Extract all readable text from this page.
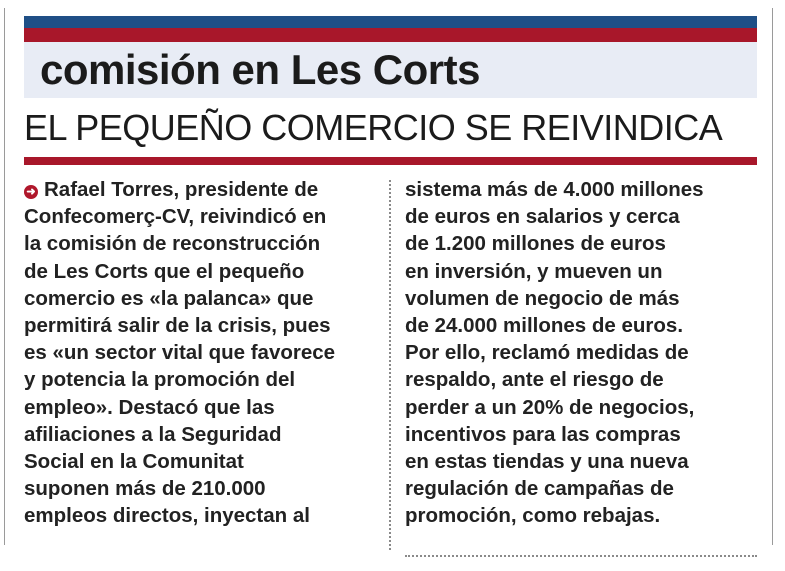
comisión en Les Corts
EL PEQUEÑO COMERCIO SE REIVINDICA
➜ Rafael Torres, presidente de
Confecomerç-CV, reivindicó en
la comisión de reconstrucción
de Les Corts que el pequeño
comercio es «la palanca» que
permitirá salir de la crisis, pues
es «un sector vital que favorece
y potencia la promoción del
empleo». Destacó que las
afiliaciones a la Seguridad
Social en la Comunitat
suponen más de 210.000
empleos directos, inyectan al
sistema más de 4.000 millones
de euros en salarios y cerca
de 1.200 millones de euros
en inversión, y mueven un
volumen de negocio de más
de 24.000 millones de euros.
Por ello, reclamó medidas de
respaldo, ante el riesgo de
perder a un 20% de negocios,
incentivos para las compras
en estas tiendas y una nueva
regulación de campañas de
promoción, como rebajas.
